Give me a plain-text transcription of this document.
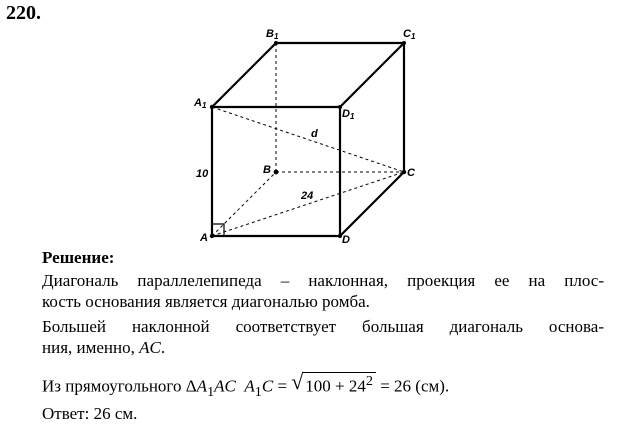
220.
B1	C1
A1
D1
B	C
A	D
d
10
24
Решение:
Диагональ параллелепипеда – наклонная, проекция ее на плос-
кость основания является диагональю ромба.
Большей наклонной соответствует большая диагональ основа-
ния, именно, AC.
Из прямоугольного $\Delta A_1AC$ $A_1C$ = √ $100 + 24^2 = 26$ (см).
Ответ: 26 см.
